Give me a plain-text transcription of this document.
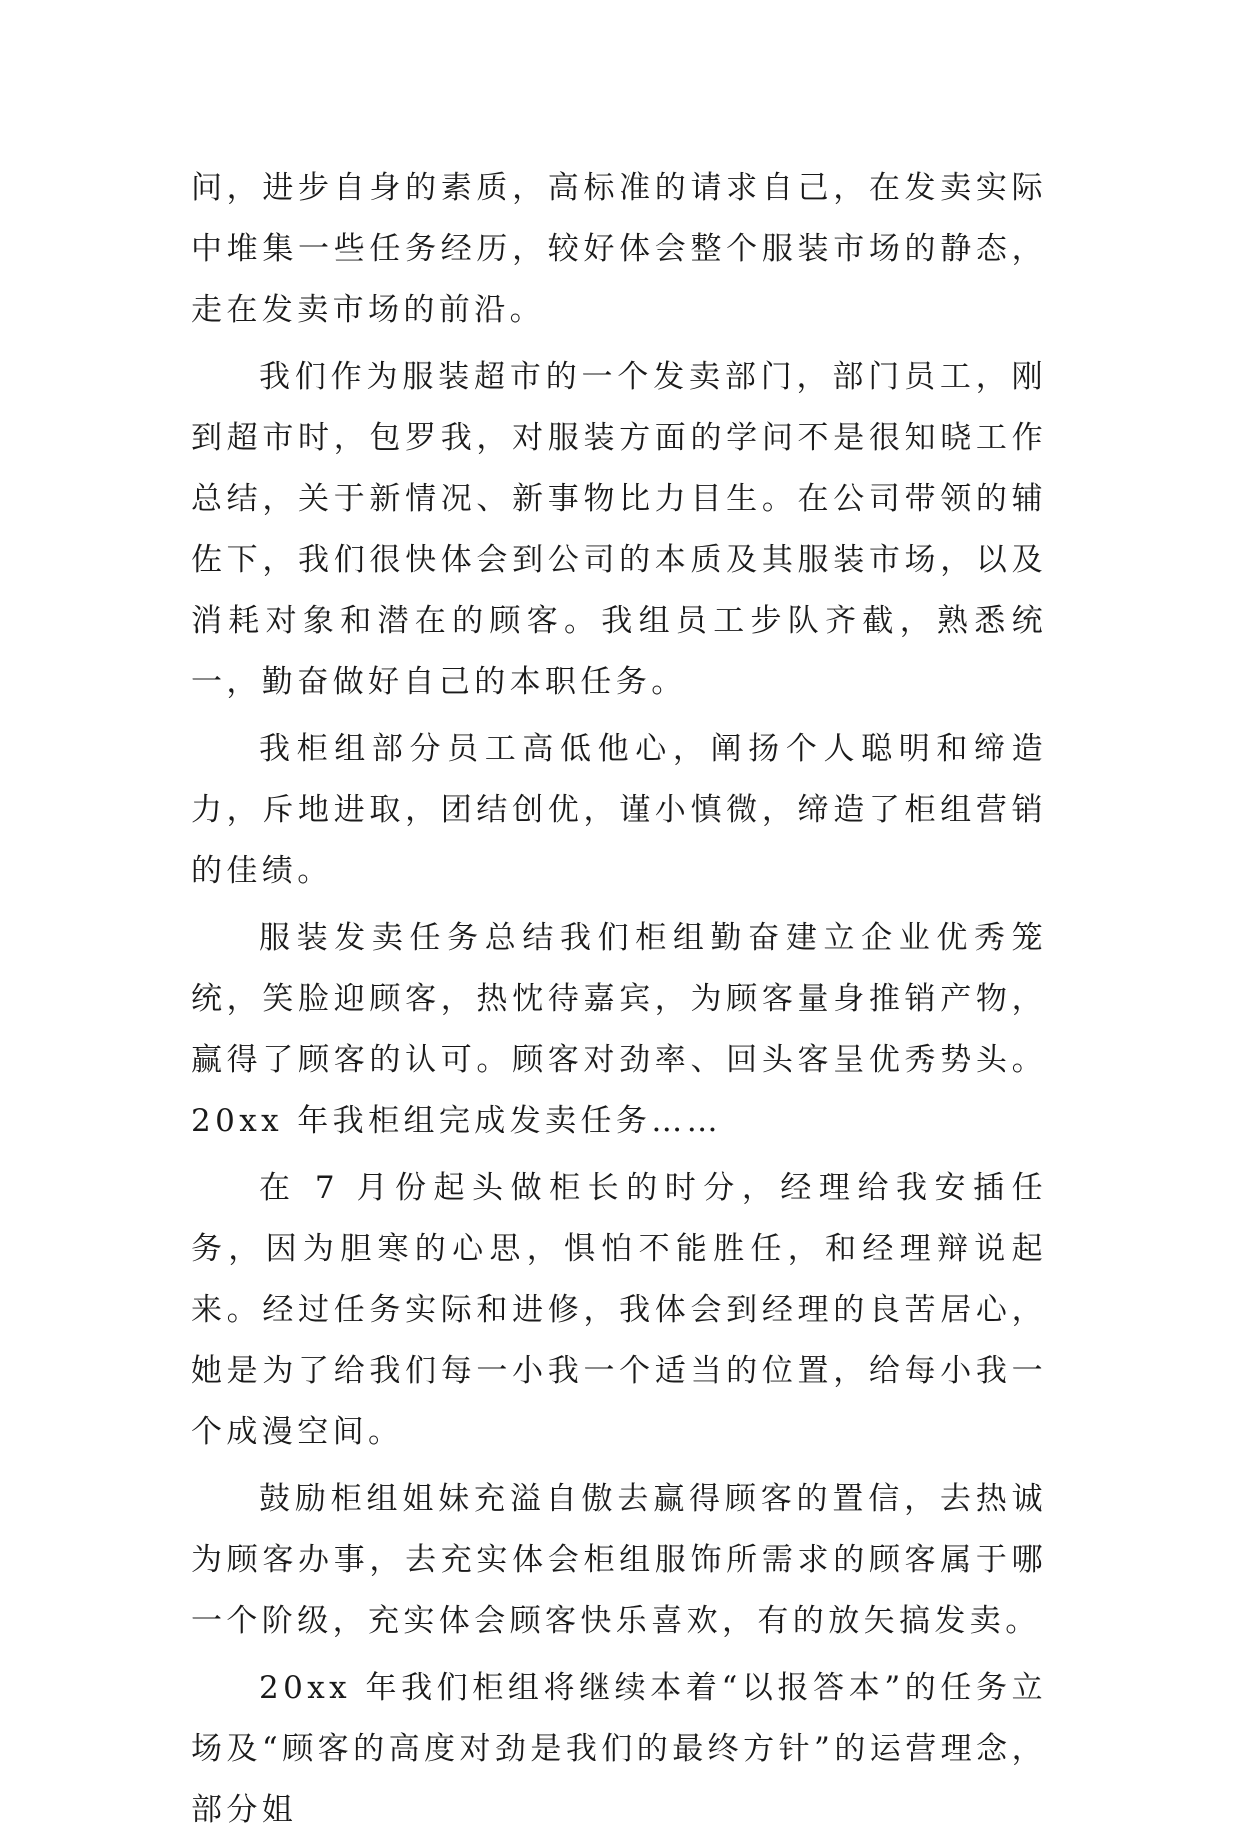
问，进步自身的素质，高标准的请求自己，在发卖实际中堆集一些任务经历，较好体会整个服装市场的静态，走在发卖市场的前沿。

我们作为服装超市的一个发卖部门，部门员工，刚到超市时，包罗我，对服装方面的学问不是很知晓工作总结，关于新情况、新事物比力目生。在公司带领的辅佐下，我们很快体会到公司的本质及其服装市场，以及消耗对象和潜在的顾客。我组员工步队齐截，熟悉统一，勤奋做好自己的本职任务。

我柜组部分员工高低他心，阐扬个人聪明和缔造力，斥地进取，团结创优，谨小慎微，缔造了柜组营销的佳绩。

服装发卖任务总结我们柜组勤奋建立企业优秀笼统，笑脸迎顾客，热忱待嘉宾，为顾客量身推销产物，赢得了顾客的认可。顾客对劲率、回头客呈优秀势头。20xx 年我柜组完成发卖任务……

在 7 月份起头做柜长的时分，经理给我安插任务，因为胆寒的心思，惧怕不能胜任，和经理辩说起来。经过任务实际和进修，我体会到经理的良苦居心，她是为了给我们每一小我一个适当的位置，给每小我一个成漫空间。

鼓励柜组姐妹充溢自傲去赢得顾客的置信，去热诚为顾客办事，去充实体会柜组服饰所需求的顾客属于哪一个阶级，充实体会顾客快乐喜欢，有的放矢搞发卖。

20xx 年我们柜组将继续本着“以报答本”的任务立场及“顾客的高度对劲是我们的最终方针”的运营理念，部分姐
